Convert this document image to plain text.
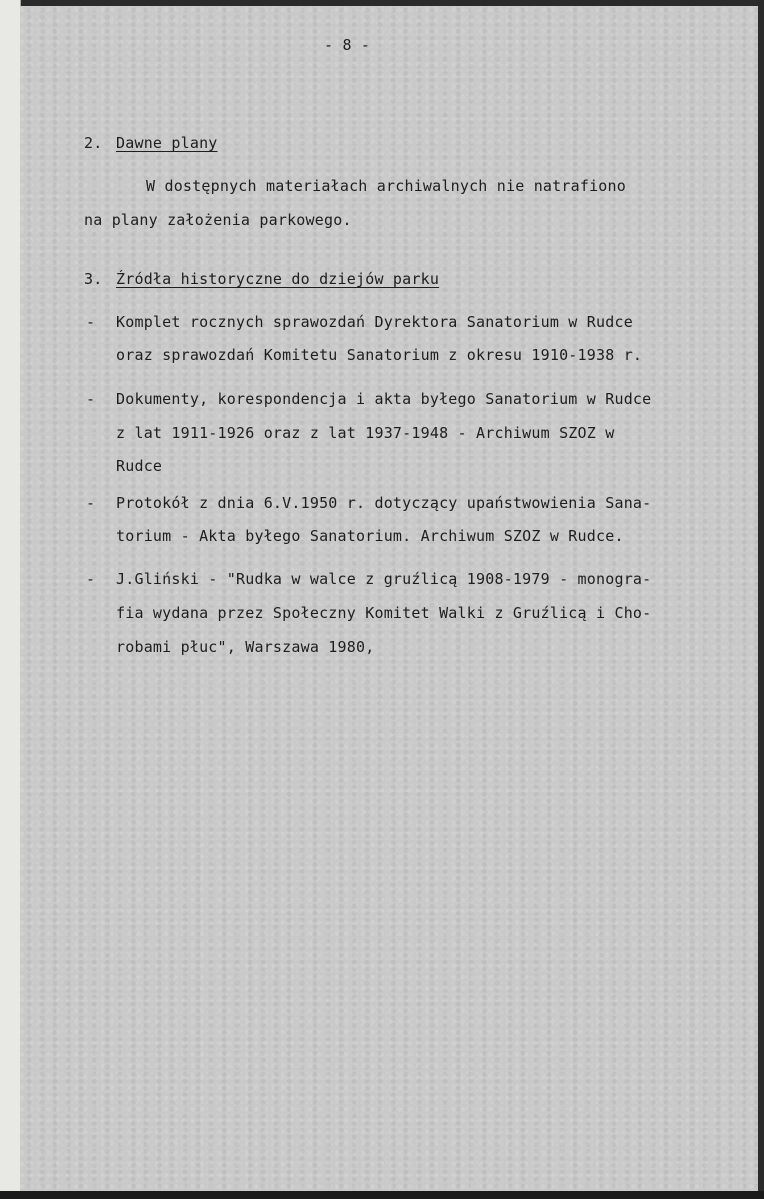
- 8 -
2. Dawne plany
W dostępnych materiałach archiwalnych nie natrafiono
na plany założenia parkowego.
3. Źródła historyczne do dziejów parku
- Komplet rocznych sprawozdań Dyrektora Sanatorium w Rudce
oraz sprawozdań Komitetu Sanatorium z okresu 1910-1938 r.
- Dokumenty, korespondencja i akta byłego Sanatorium w Rudce
z lat 1911-1926 oraz z lat 1937-1948 - Archiwum SZOZ w
Rudce
- Protokół z dnia 6.V.1950 r. dotyczący upaństwowienia Sana-
torium - Akta byłego Sanatorium. Archiwum SZOZ w Rudce.
- J.Gliński - "Rudka w walce z gruźlicą 1908-1979 - monogra-
fia wydana przez Społeczny Komitet Walki z Gruźlicą i Cho-
robami płuc", Warszawa 1980,
